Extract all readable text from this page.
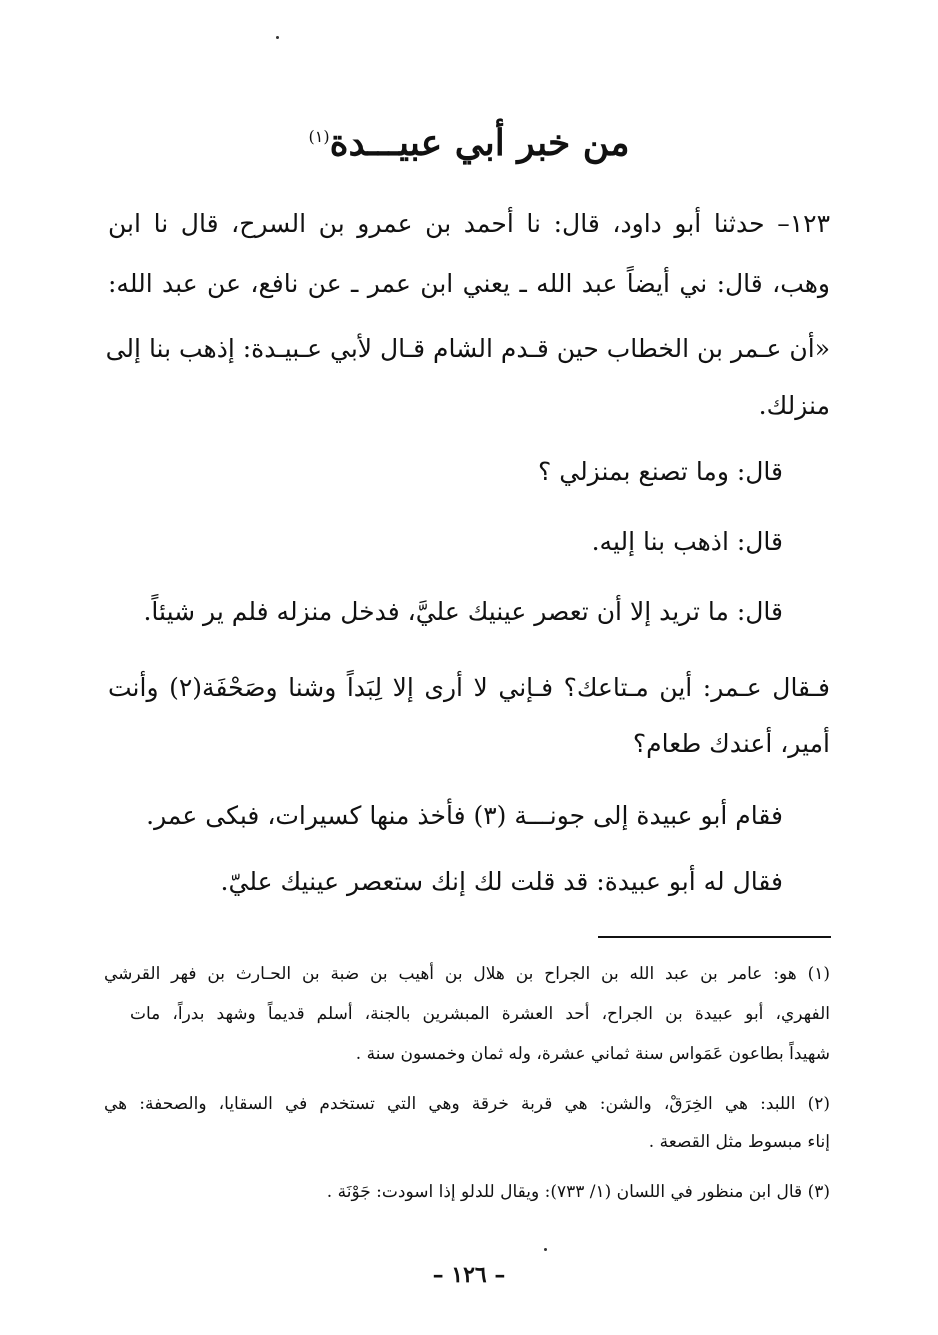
من خبر أبي عبيـــدة$^{(١)}$
١٢٣– حدثنا أبو داود، قال: نا أحمد بن عمرو بن السرح، قال نا ابن
وهب، قال: ني أيضاً عبد الله ـ يعني ابن عمر ـ عن نافع، عن عبد الله:
«أن عـمر بن الخطاب حين قـدم الشام قـال لأبي عـبيـدة: إذهب بنا إلى
منزلك.
قال: وما تصنع بمنزلي ؟
قال: اذهب بنا إليه.
قال: ما تريد إلا أن تعصر عينيك عليَّ، فدخل منزله فلم ير شيئاً.
فـقال عـمر: أين مـتاعك؟ فـإني لا أرى إلا لِبَداً وشنا وصَحْفَة(٢) وأنت
أمير، أعندك طعام؟
فقام أبو عبيدة إلى جونـــة (٣) فأخذ منها كسيرات، فبكى عمر.
فقال له أبو عبيدة: قد قلت لك إنك ستعصر عينيك عليّ.
(١) هو: عامر بن عبد الله بن الجراح بن هلال بن أهيب بن ضبة بن الحـارث بن فهر القرشي
الفهري، أبو عبيدة بن الجراح، أحد العشرة المبشرين بالجنة، أسلم قديماً وشهد بدراً، مات
شهيداً بطاعون عَمَواس سنة ثماني عشرة، وله ثمان وخمسون سنة .
(٢) اللبد: هي الخِرَقْ، والشن: هي قربة خرقة وهي التي تستخدم في السقايا، والصحفة: هي
إناء مبسوط مثل القصعة .
(٣) قال ابن منظور في اللسان (١/ ٧٣٣): ويقال للدلو إذا اسودت: جَوْنَة .
– ١٢٦ –
